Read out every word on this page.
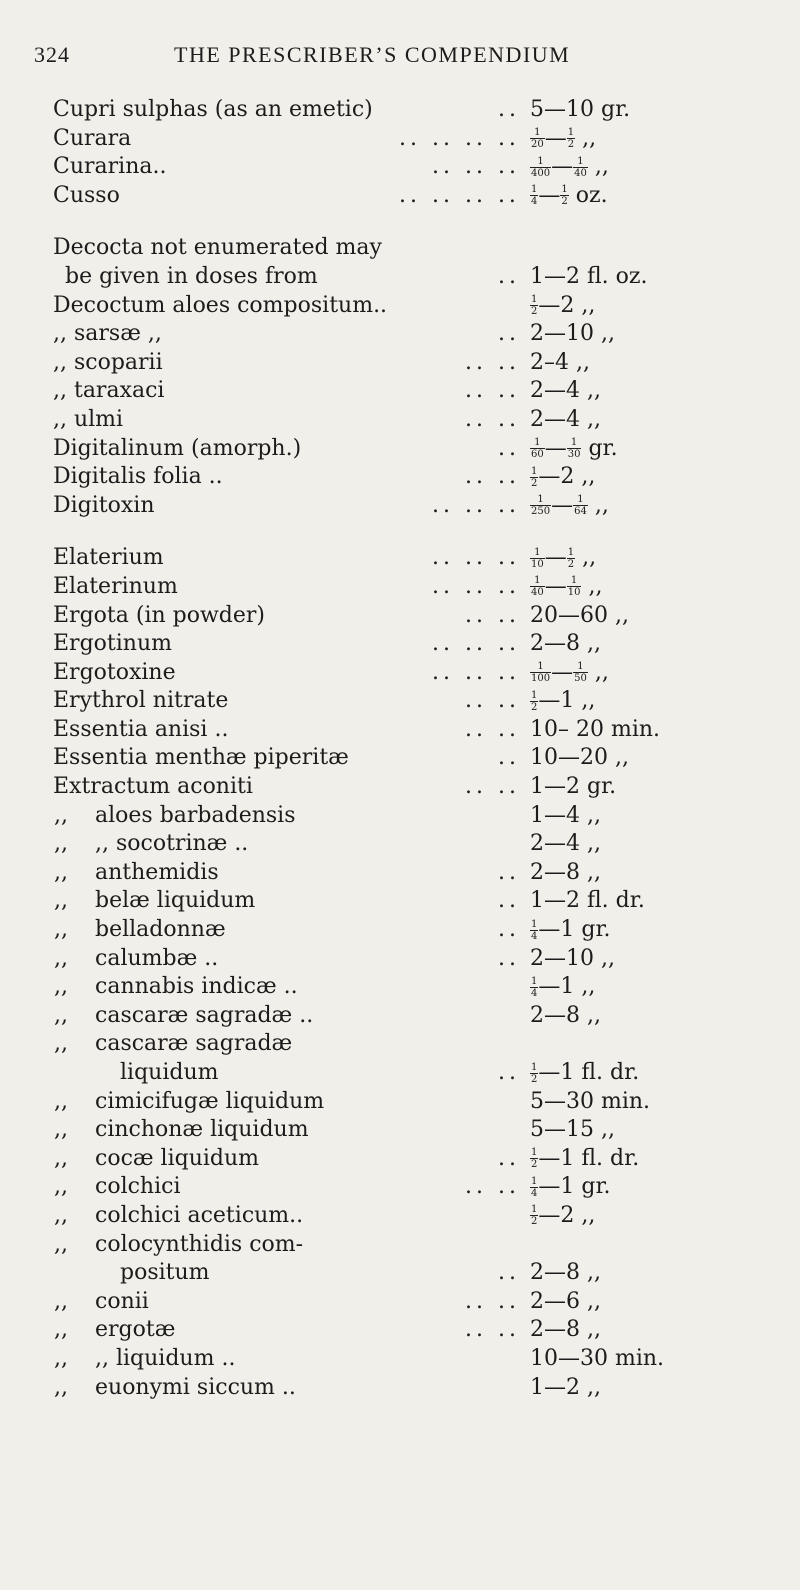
324	THE PRESCRIBER’S COMPENDIUM
Cupri sulphas (as an emetic)	.. 5—10 gr.
Curara	.. .. .. .. $\frac{1}{20}$ — $\frac{1}{2}$ ,,
Curarina..	.. .. .. $\frac{1}{400}$ — $\frac{1}{40}$ ,,
Cusso	.. .. .. .. $\frac{1}{4}$ — $\frac{1}{2}$ oz.
Decocta not enumerated may
be given in doses from	.. 1—2 fl. oz.
Decoctum aloes compositum..	$\frac{1}{2}$ —2 ,,
,, sarsæ ,,	.. 2—10 ,,
,, scoparii	.. .. 2–4 ,,
,, taraxaci	.. .. 2—4 ,,
,, ulmi	.. .. 2—4 ,,
Digitalinum (amorph.)	.. $\frac{1}{60}$ — $\frac{1}{30}$ gr.
Digitalis folia ..	.. .. $\frac{1}{2}$ —2 ,,
Digitoxin	.. .. .. $\frac{1}{250}$ — $\frac{1}{64}$ ,,
Elaterium	.. .. .. $\frac{1}{10}$ — $\frac{1}{2}$ ,,
Elaterinum	.. .. .. $\frac{1}{40}$ — $\frac{1}{10}$ ,,
Ergota (in powder)	.. .. 20—60 ,,
Ergotinum	.. .. .. 2—8 ,,
Ergotoxine	.. .. .. $\frac{1}{100}$ — $\frac{1}{50}$ ,,
Erythrol nitrate	.. .. $\frac{1}{2}$ —1 ,,
Essentia anisi ..	.. .. 10– 20 min.
Essentia menthæ piperitæ	.. 10—20 ,,
Extractum aconiti	.. .. 1—2 gr.
,, aloes barbadensis	1—4 ,,
,, ,, socotrinæ ..	2—4 ,,
,, anthemidis	.. 2—8 ,,
,, belæ liquidum	.. 1—2 fl. dr.
,, belladonnæ	.. $\frac{1}{4}$ —1 gr.
,, calumbæ ..	.. 2—10 ,,
,, cannabis indicæ ..	$\frac{1}{4}$ —1 ,,
,, cascaræ sagradæ ..	2—8 ,,
,, cascaræ sagradæ
liquidum	.. $\frac{1}{2}$ —1 fl. dr.
,, cimicifugæ liquidum	5—30 min.
,, cinchonæ liquidum	5—15 ,,
,, cocæ liquidum	.. $\frac{1}{2}$ —1 fl. dr.
,, colchici	.. .. $\frac{1}{4}$ —1 gr.
,, colchici aceticum..	$\frac{1}{2}$ —2 ,,
,, colocynthidis com-
positum	.. 2—8 ,,
,, conii	.. .. 2—6 ,,
,, ergotæ	.. .. 2—8 ,,
,, ,, liquidum ..	10—30 min.
,, euonymi siccum ..	1—2 ,,
